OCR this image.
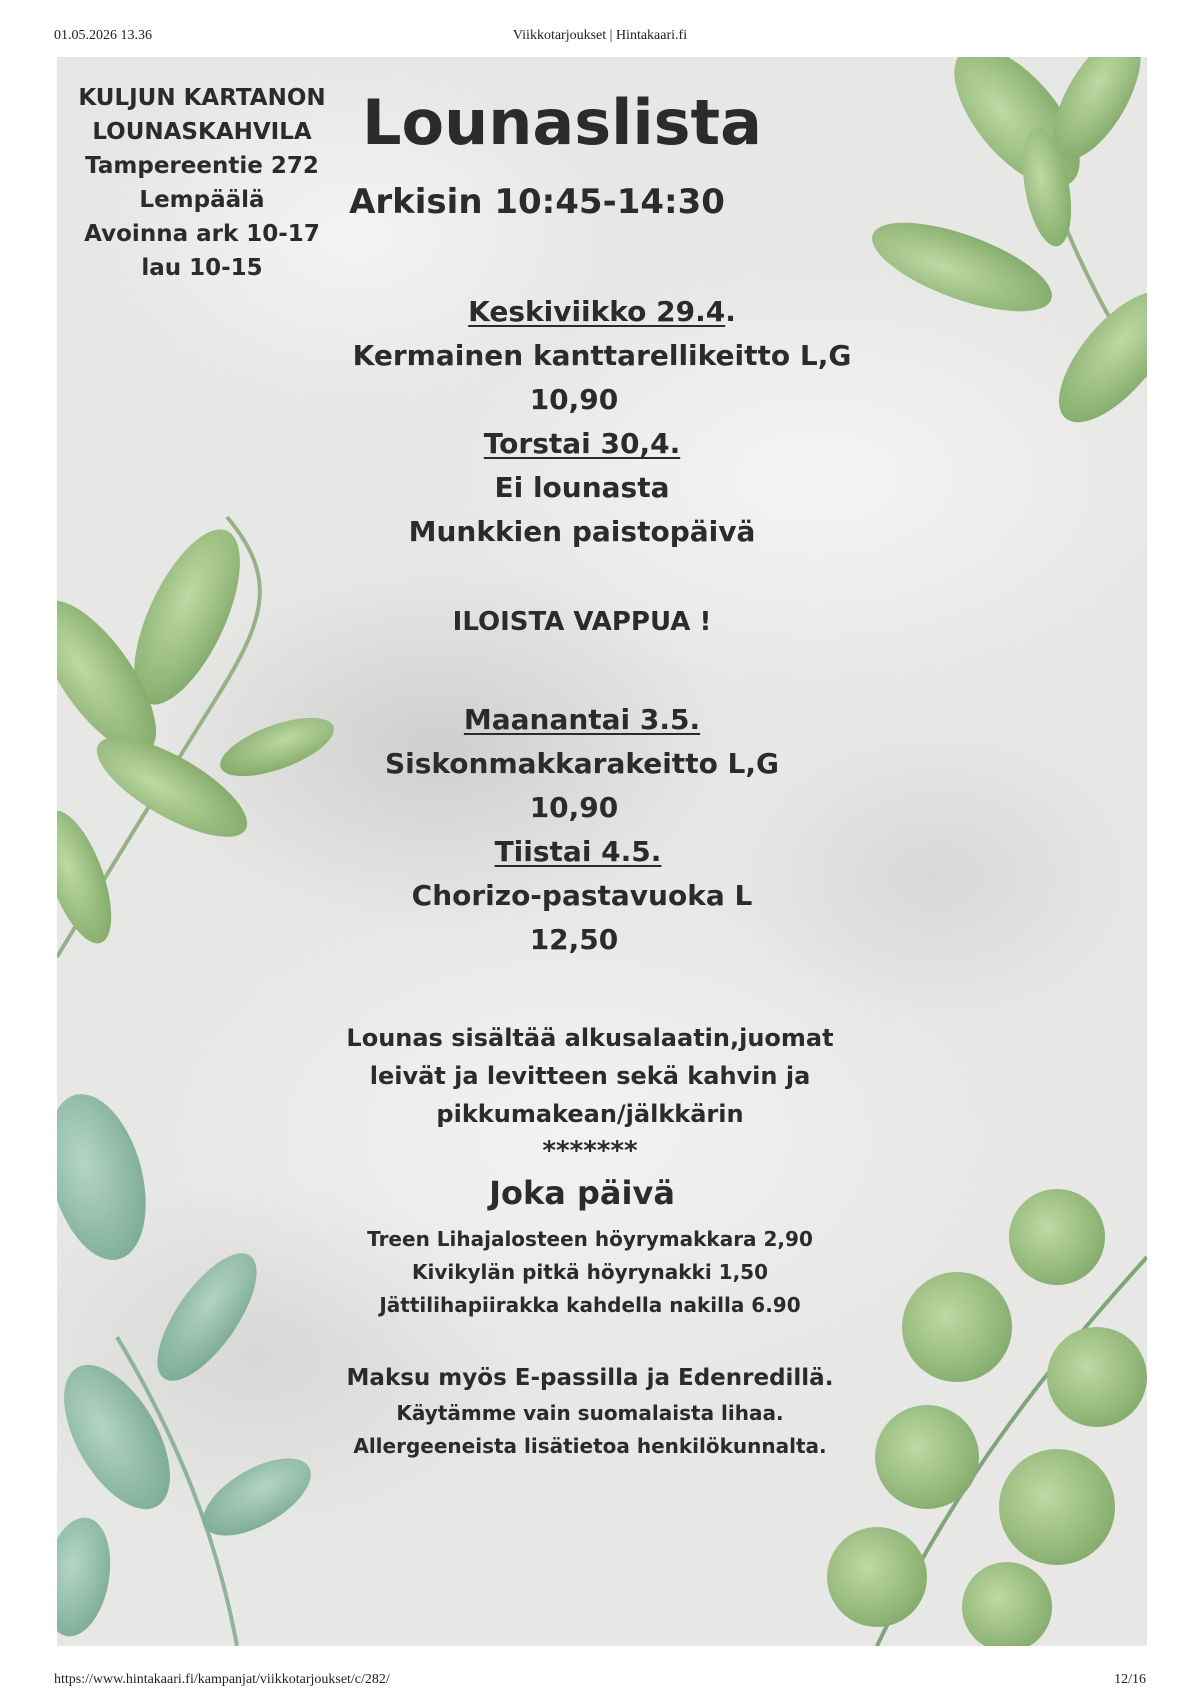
01.05.2026 13.36	Viikkotarjoukset | Hintakaari.fi
KULJUN KARTANON
LOUNASKAHVILA
Tampereentie 272
Lempäälä
Avoinna ark 10-17
lau 10-15
Lounaslista
Arkisin 10:45-14:30
Keskiviikko 29.4.
Kermainen kanttarellikeitto L,G
10,90
Torstai 30,4.
Ei lounasta
Munkkien paistopäivä
ILOISTA VAPPUA !
Maanantai 3.5.
Siskonmakkarakeitto L,G
10,90
Tiistai 4.5.
Chorizo-pastavuoka L
12,50
Lounas sisältää alkusalaatin,juomat
leivät ja levitteen sekä kahvin ja
pikkumakean/jälkkärin
*******
Joka päivä
Treen Lihajalosteen höyrymakkara 2,90
Kivikylän pitkä höyrynakki 1,50
Jättilihapiirakka kahdella nakilla 6.90
Maksu myös E-passilla ja Edenredillä.
Käytämme vain suomalaista lihaa.
Allergeeneista lisätietoa henkilökunnalta.
https://www.hintakaari.fi/kampanjat/viikkotarjoukset/c/282/	12/16
